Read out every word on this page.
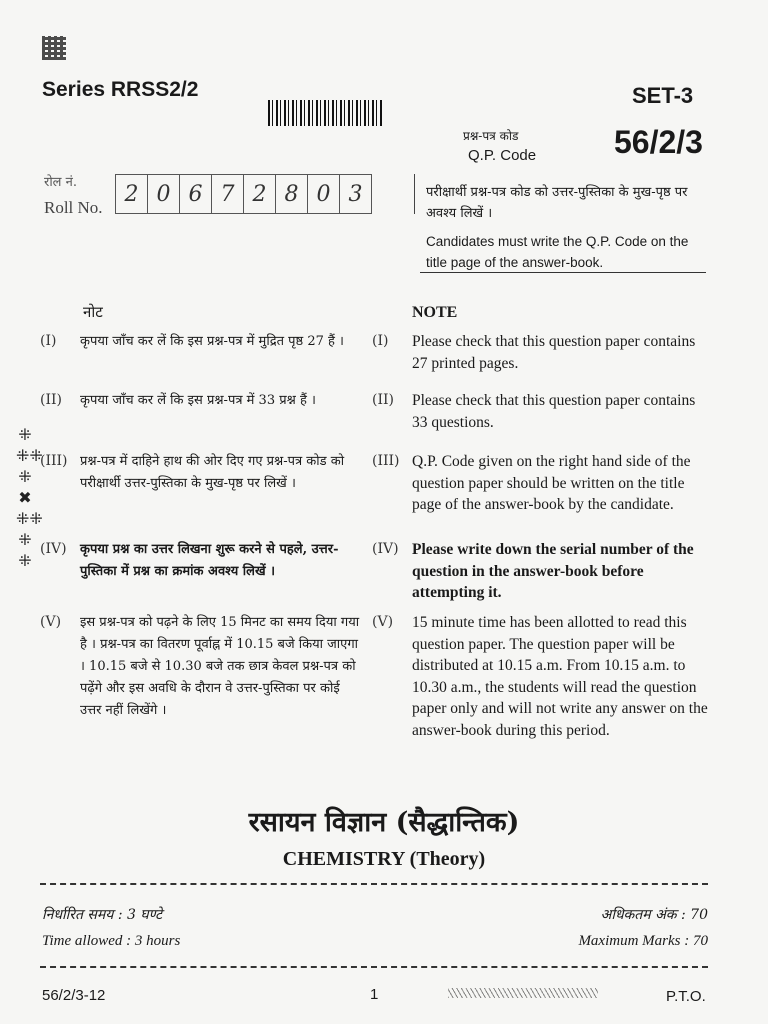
Series RRSS2/2	SET-3
प्रश्न-पत्र कोड
Q.P. Code 56/2/3
रोल नं.
Roll No.
2 0 6 7 2 8 0 3	परीक्षार्थी प्रश्न-पत्र कोड को उत्तर-पुस्तिका के मुख-पृष्ठ पर अवश्य लिखें ।
Candidates must write the Q.P. Code on the title page of the answer-book.
नोट	NOTE
(I) कृपया जाँच कर लें कि इस प्रश्न-पत्र में मुद्रित पृष्ठ 27 हैं ।	(I) Please check that this question paper contains 27 printed pages.
(II) कृपया जाँच कर लें कि इस प्रश्न-पत्र में 33 प्रश्न हैं ।	(II) Please check that this question paper contains 33 questions.
(III) प्रश्न-पत्र में दाहिने हाथ की ओर दिए गए प्रश्न-पत्र कोड को परीक्षार्थी उत्तर-पुस्तिका के मुख-पृष्ठ पर लिखें ।
(III) Q.P. Code given on the right hand side of the question paper should be written on the title page of the answer-book by the candidate.
(IV) कृपया प्रश्न का उत्तर लिखना शुरू करने से पहले, उत्तर-पुस्तिका में प्रश्न का क्रमांक अवश्य लिखें ।
(IV) Please write down the serial number of the question in the answer-book before attempting it.
(V) इस प्रश्न-पत्र को पढ़ने के लिए 15 मिनट का समय दिया गया है । प्रश्न-पत्र का वितरण पूर्वाह्न में 10.15 बजे किया जाएगा । 10.15 बजे से 10.30 बजे तक छात्र केवल प्रश्न-पत्र को पढ़ेंगे और इस अवधि के दौरान वे उत्तर-पुस्तिका पर कोई उत्तर नहीं लिखेंगे ।
(V) 15 minute time has been allotted to read this question paper. The question paper will be distributed at 10.15 a.m. From 10.15 a.m. to 10.30 a.m., the students will read the question paper only and will not write any answer on the answer-book during this period.
⁜
⁜⁜
⁜
✖
⁜⁜
⁜
⁜
रसायन विज्ञान (सैद्धान्तिक)
CHEMISTRY (Theory)
निर्धारित समय : 3 घण्टे
Time allowed : 3 hours
अधिकतम अंक : 70
Maximum Marks : 70
56/2/3-12	1	P.T.O.
